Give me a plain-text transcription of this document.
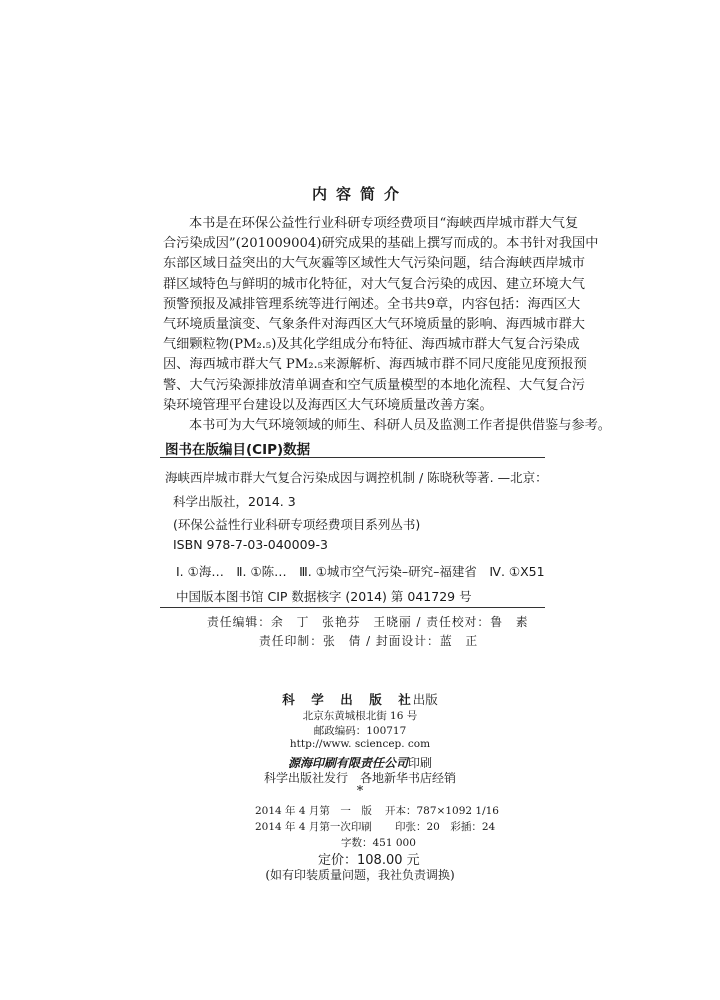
内容简介
本书是在环保公益性行业科研专项经费项目“海峡西岸城市群大气复
合污染成因”(201009004)研究成果的基础上撰写而成的。本书针对我国中
东部区域日益突出的大气灰霾等区域性大气污染问题，结合海峡西岸城市
群区域特色与鲜明的城市化特征，对大气复合污染的成因、建立环境大气
预警预报及减排管理系统等进行阐述。全书共9章，内容包括：海西区大
气环境质量演变、气象条件对海西区大气环境质量的影响、海西城市群大
气细颗粒物(PM₂.₅)及其化学组成分布特征、海西城市群大气复合污染成
因、海西城市群大气 PM₂.₅来源解析、海西城市群不同尺度能见度预报预
警、大气污染源排放清单调查和空气质量模型的本地化流程、大气复合污
染环境管理平台建设以及海西区大气环境质量改善方案。
本书可为大气环境领域的师生、科研人员及监测工作者提供借鉴与参考。
图书在版编目(CIP)数据
海峡西岸城市群大气复合污染成因与调控机制 / 陈晓秋等著. —北京：
科学出版社，2014. 3
(环保公益性行业科研专项经费项目系列丛书)
ISBN 978-7-03-040009-3
Ⅰ. ①海…　Ⅱ. ①陈…　Ⅲ. ①城市空气污染–研究–福建省　Ⅳ. ①X51
中国版本图书馆 CIP 数据核字 (2014) 第 041729 号
责任编辑：余　丁　张艳芬　王晓丽 / 责任校对：鲁　素
责任印制：张　倩 / 封面设计：蓝　正
科　学　出　版　社出版
北京东黄城根北街 16 号
邮政编码：100717
http://www. sciencep. com
源海印刷有限责任公司印刷
科学出版社发行　各地新华书店经销
*
2014 年 4 月第　一　版 开本：787×1092 1/16
2014 年 4 月第一次印刷 印张：20　彩插：24
字数：451 000
定价：108.00 元
(如有印装质量问题，我社负责调换)
